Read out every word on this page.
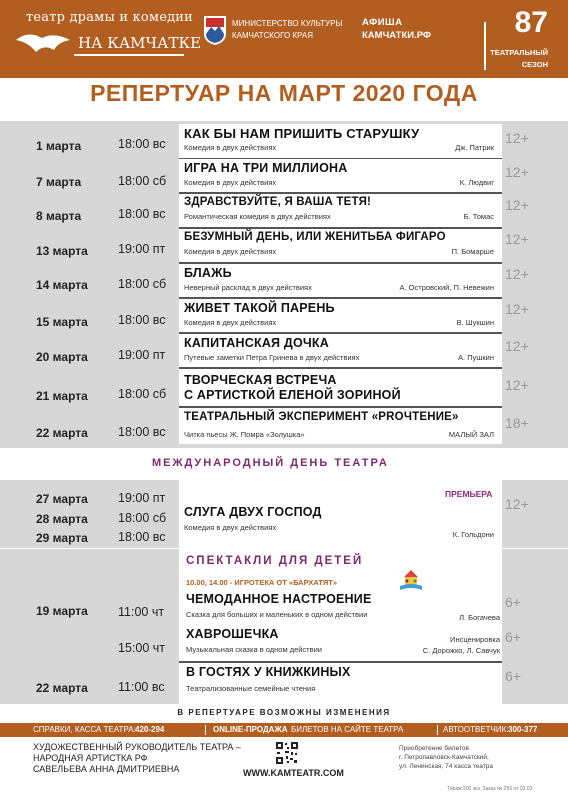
театр драмы и комедии
НА КАМЧАТКЕ
МИНИСТЕРСТВО КУЛЬТУРЫ
КАМЧАТСКОГО КРАЯ
АФИША
КАМЧАТКИ.РФ	87
ТЕАТРАЛЬНЫЙ
СЕЗОН
РЕПЕРТУАР НА МАРТ 2020 ГОДА
1 марта	18:00 вс
КАК БЫ НАМ ПРИШИТЬ СТАРУШКУ
Комедия в двух действиях	Дж. Патрик
12+
7 марта	18:00 сб
ИГРА НА ТРИ МИЛЛИОНА
Комедия в двух действиях	К. Людвиг
12+
8 марта	18:00 вс
ЗДРАВСТВУЙТЕ, Я ВАША ТЕТЯ!
Романтическая комедия в двух действиях	Б. Томас
12+
13 марта 19:00 пт
БЕЗУМНЫЙ ДЕНЬ, ИЛИ ЖЕНИТЬБА ФИГАРО
Комедия в двух действиях	П. Бомарше
12+
14 марта 18:00 сб
БЛАЖЬ
Неверный расклад в двух действиях	А. Островский, П. Невежин
12+
15 марта 18:00 вс
ЖИВЕТ ТАКОЙ ПАРЕНЬ
Комедия в двух действиях	В. Шукшин
12+
20 марта 19:00 пт
КАПИТАНСКАЯ ДОЧКА
Путевые заметки Петра Гринева в двух действиях	А. Пушкин
12+
21 марта 18:00 сб
ТВОРЧЕСКАЯ ВСТРЕЧА
С АРТИСТКОЙ ЕЛЕНОЙ ЗОРИНОЙ
12+
22 марта 18:00 вс
ТЕАТРАЛЬНЫЙ ЭКСПЕРИМЕНТ «PROЧТЕНИЕ»
Читка пьесы Ж. Помра «Золушка»	МАЛЫЙ ЗАЛ
18+
МЕЖДУНАРОДНЫЙ ДЕНЬ ТЕАТРА
27 марта 19:00 пт
28 марта 18:00 сб
29 марта 18:00 вс
СЛУГА ДВУХ ГОСПОД
Комедия в двух действиях
К. Гольдони
ПРЕМЬЕРА
12+
СПЕКТАКЛИ ДЛЯ ДЕТЕЙ
10.00, 14.00 - ИГРОТЕКА ОТ «БАРХАТЯТ»
19 марта 11:00 чт
ЧЕМОДАННОЕ НАСТРОЕНИЕ
Сказка для больших и маленьких в одном действии	Л. Богачева
6+
15:00 чт
ХАВРОШЕЧКА
Музыкальная сказка в одном действии
Инсценировка
С. Дорожко, Л. Савчук
6+
22 марта 11:00 вс
В ГОСТЯХ У КНИЖКИНЫХ
Театрализованные семейные чтения
6+
В РЕПЕРТУАРЕ ВОЗМОЖНЫ ИЗМЕНЕНИЯ
СПРАВКИ, КАССА ТЕАТРА: 420-294	ONLINE-ПРОДАЖА БИЛЕТОВ НА САЙТЕ ТЕАТРА	АВТООТВЕТЧИК: 300-377
ХУДОЖЕСТВЕННЫЙ РУКОВОДИТЕЛЬ ТЕАТРА –
НАРОДНАЯ АРТИСТКА РФ
САВЕЛЬЕВА АННА ДМИТРИЕВНА	WWW.KAMTEATR.COM
Приобретение билетов
г. Петропавловск-Камчатский,
ул. Ленинская, 74 касса театра
Тираж 300 экз. Заказ № 256 от 03.03
